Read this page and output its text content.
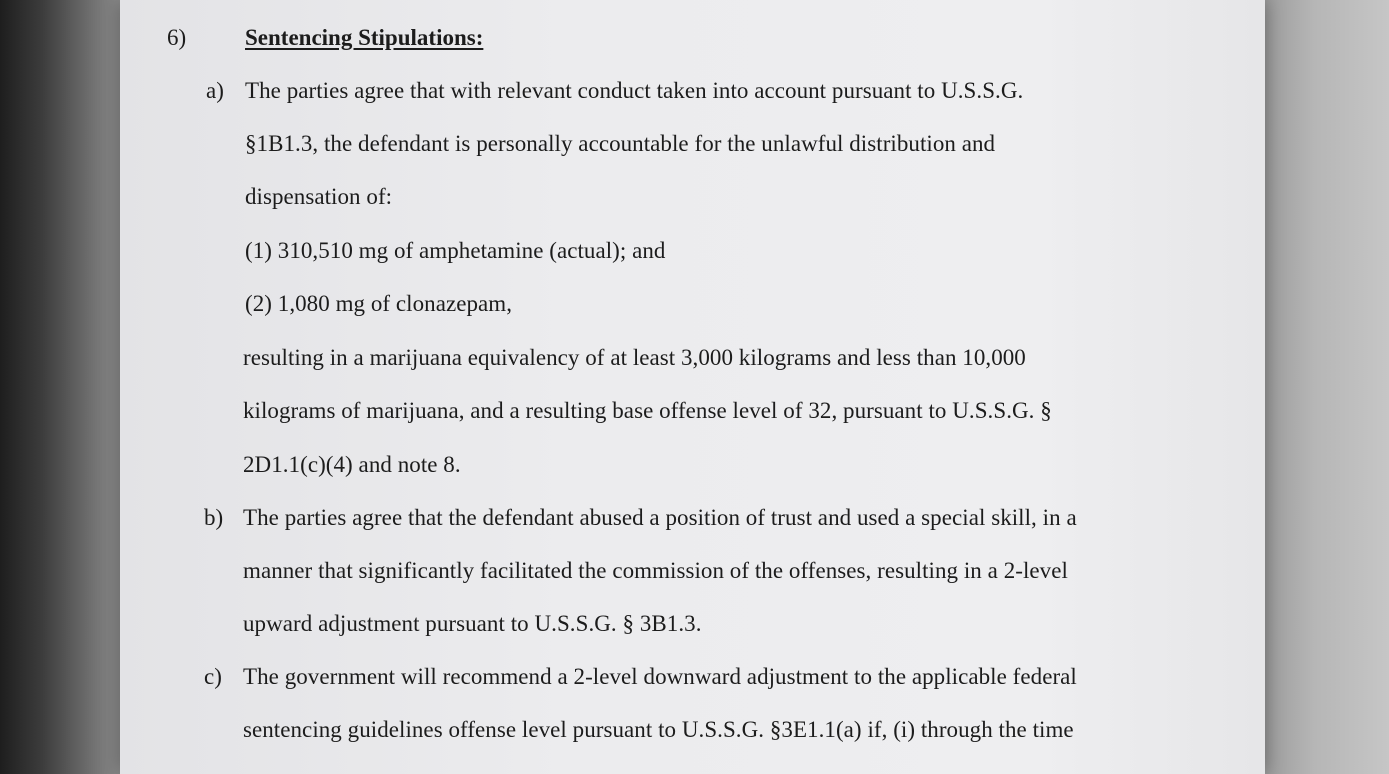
6)	Sentencing Stipulations:
a) The parties agree that with relevant conduct taken into account pursuant to U.S.S.G.
§1B1.3, the defendant is personally accountable for the unlawful distribution and
dispensation of:
(1) 310,510 mg of amphetamine (actual); and
(2) 1,080 mg of clonazepam,
resulting in a marijuana equivalency of at least 3,000 kilograms and less than 10,000
kilograms of marijuana, and a resulting base offense level of 32, pursuant to U.S.S.G. §
2D1.1(c)(4) and note 8.
b) The parties agree that the defendant abused a position of trust and used a special skill, in a
manner that significantly facilitated the commission of the offenses, resulting in a 2-level
upward adjustment pursuant to U.S.S.G. § 3B1.3.
c) The government will recommend a 2-level downward adjustment to the applicable federal
sentencing guidelines offense level pursuant to U.S.S.G. §3E1.1(a) if, (i) through the time
